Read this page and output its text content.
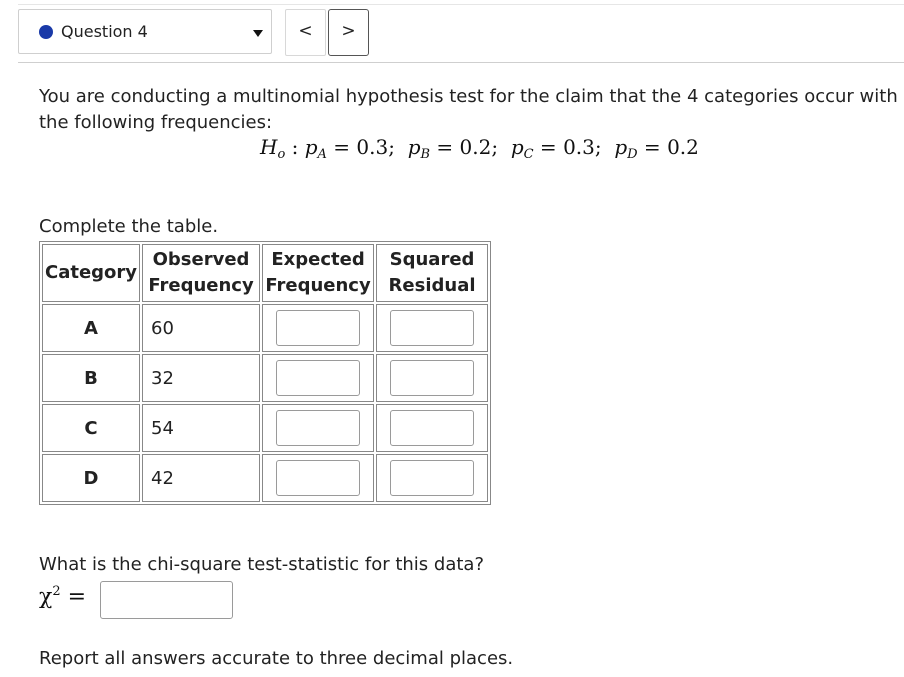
Question 4	<	>
You are conducting a multinomial hypothesis test for the claim that the 4 categories occur with the following frequencies:
$H_o$ : $p_A = 0.3$;  $p_B = 0.2$;  $p_C = 0.3$;  $p_D = 0.2$
Complete the table.
Category	Observed Frequency	Expected Frequency	Squared Residual
A	60	

B	32	

C	54	

D	42	

What is the chi-square test-statistic for this data?
$\chi^2$ =
Report all answers accurate to three decimal places.
